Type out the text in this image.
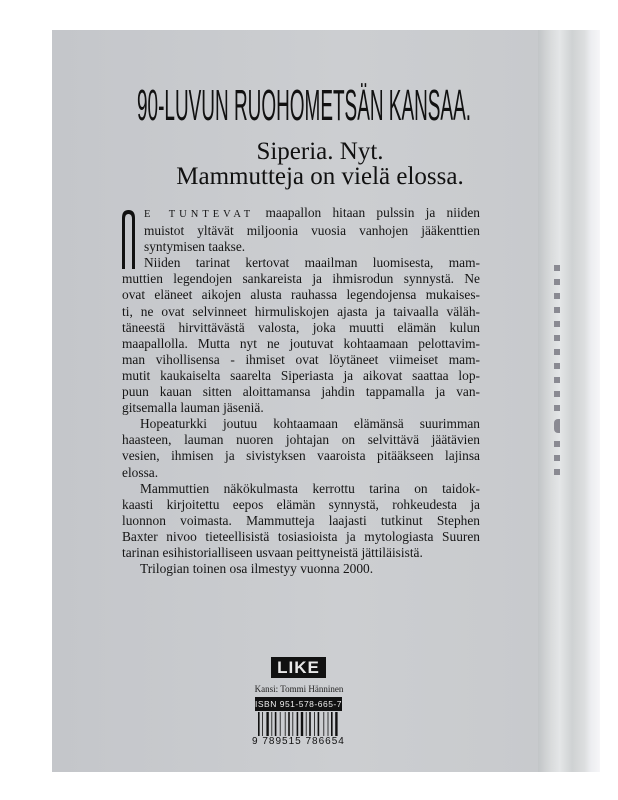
90-LUVUN RUOHOMETSÄN KANSAA.
Siperia. Nyt.
Mammutteja on vielä elossa.
E TUNTEVAT maapallon hitaan pulssin ja niiden
muistot yltävät miljoonia vuosia vanhojen jääkenttien
syntymisen taakse.
Niiden tarinat kertovat maailman luomisesta, mam-
muttien legendojen sankareista ja ihmisrodun synnystä. Ne
ovat eläneet aikojen alusta rauhassa legendojensa mukaises-
ti, ne ovat selvinneet hirmuliskojen ajasta ja taivaalla väläh-
täneestä hirvittävästä valosta, joka muutti elämän kulun
maapallolla. Mutta nyt ne joutuvat kohtaamaan pelottavim-
man vihollisensa - ihmiset ovat löytäneet viimeiset mam-
mutit kaukaiselta saarelta Siperiasta ja aikovat saattaa lop-
puun kauan sitten aloittamansa jahdin tappamalla ja van-
gitsemalla lauman jäseniä.
Hopeaturkki joutuu kohtaamaan elämänsä suurimman
haasteen, lauman nuoren johtajan on selvittävä jäätävien
vesien, ihmisen ja sivistyksen vaaroista pitääkseen lajinsa
elossa.
Mammuttien näkökulmasta kerrottu tarina on taidok-
kaasti kirjoitettu eepos elämän synnystä, rohkeudesta ja
luonnon voimasta. Mammutteja laajasti tutkinut Stephen
Baxter nivoo tieteellisistä tosiasioista ja mytologiasta Suuren
tarinan esihistorialliseen usvaan peittyneistä jättiläisistä.
Trilogian toinen osa ilmestyy vuonna 2000.
LIKE
Kansi: Tommi Hänninen
ISBN 951-578-665-7
9 789515 786654
